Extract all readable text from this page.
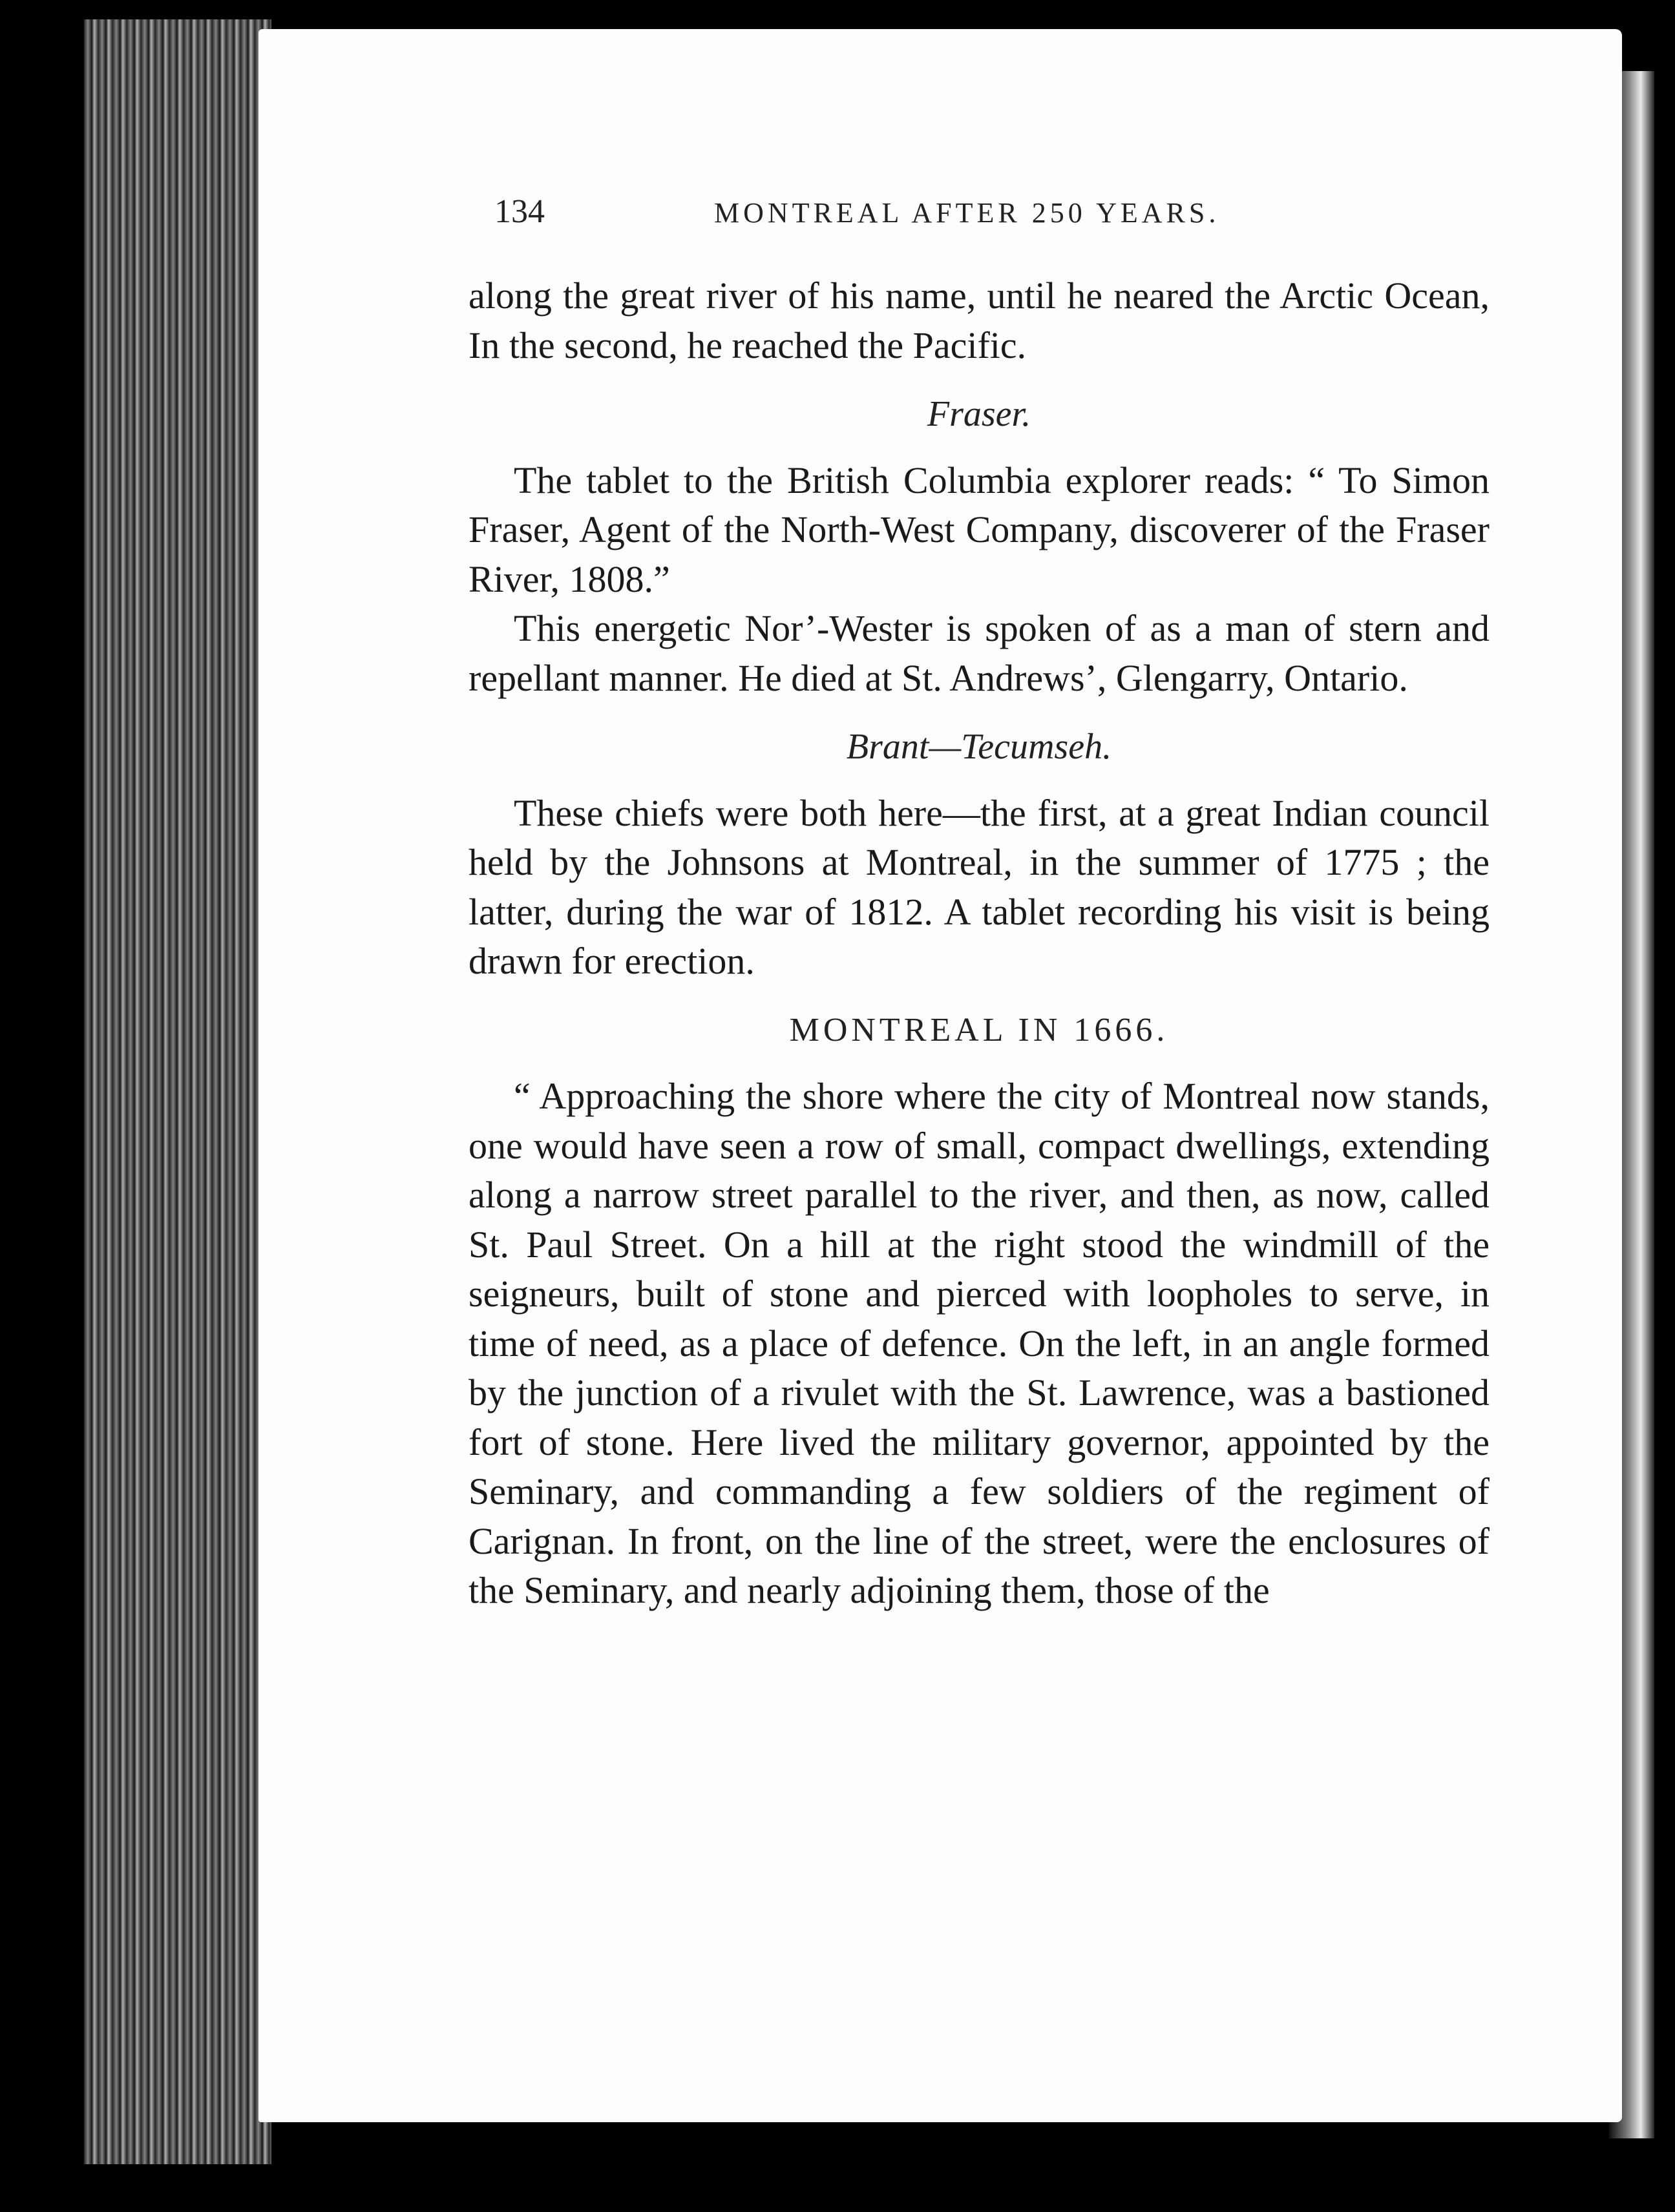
134	MONTREAL AFTER 250 YEARS.

along the great river of his name, until he neared the Arctic Ocean, In the second, he reached the Pacific.

Fraser.

The tablet to the British Columbia explorer reads: “ To Simon Fraser, Agent of the North-West Company, discoverer of the Fraser River, 1808.”

This energetic Nor’-Wester is spoken of as a man of stern and repellant manner. He died at St. Andrews’, Glengarry, Ontario.

Brant—Tecumseh.

These chiefs were both here—the first, at a great Indian council held by the Johnsons at Montreal, in the summer of 1775 ; the latter, during the war of 1812. A tablet recording his visit is being drawn for erection.

MONTREAL IN 1666.

“ Approaching the shore where the city of Montreal now stands, one would have seen a row of small, compact dwellings, extending along a narrow street parallel to the river, and then, as now, called St. Paul Street. On a hill at the right stood the windmill of the seigneurs, built of stone and pierced with loopholes to serve, in time of need, as a place of defence. On the left, in an angle formed by the junction of a rivulet with the St. Lawrence, was a bastioned fort of stone. Here lived the military governor, appointed by the Seminary, and commanding a few soldiers of the regiment of Carignan. In front, on the line of the street, were the enclosures of the Seminary, and nearly adjoining them, those of the
